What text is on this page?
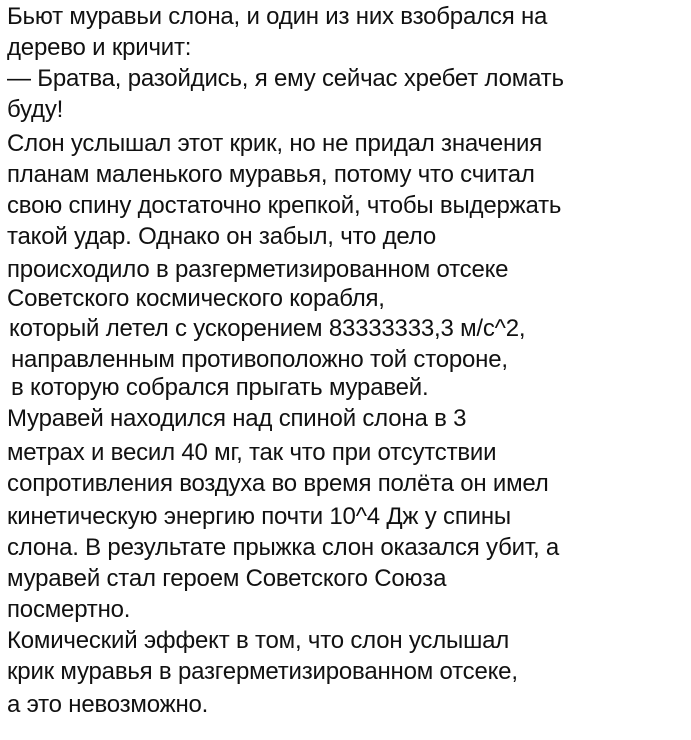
Бьют муравьи слона, и один из них взобрался на
дерево и кричит:
— Братва, разойдись, я ему сейчас хребет ломать
буду!
Слон услышал этот крик, но не придал значения
планам маленького муравья, потому что считал
свою спину достаточно крепкой, чтобы выдержать
такой удар. Однако он забыл, что дело
происходило в разгерметизированном отсеке
Советского космического корабля,
который летел с ускорением 83333333,3 м/с^2,
направленным противоположно той стороне,
в которую собрался прыгать муравей.
Муравей находился над спиной слона в 3
метрах и весил 40 мг, так что при отсутствии
сопротивления воздуха во время полёта он имел
кинетическую энергию почти 10^4 Дж у спины
слона. В результате прыжка слон оказался убит, а
муравей стал героем Советского Союза
посмертно.
Комический эффект в том, что слон услышал
крик муравья в разгерметизированном отсеке,
а это невозможно.
